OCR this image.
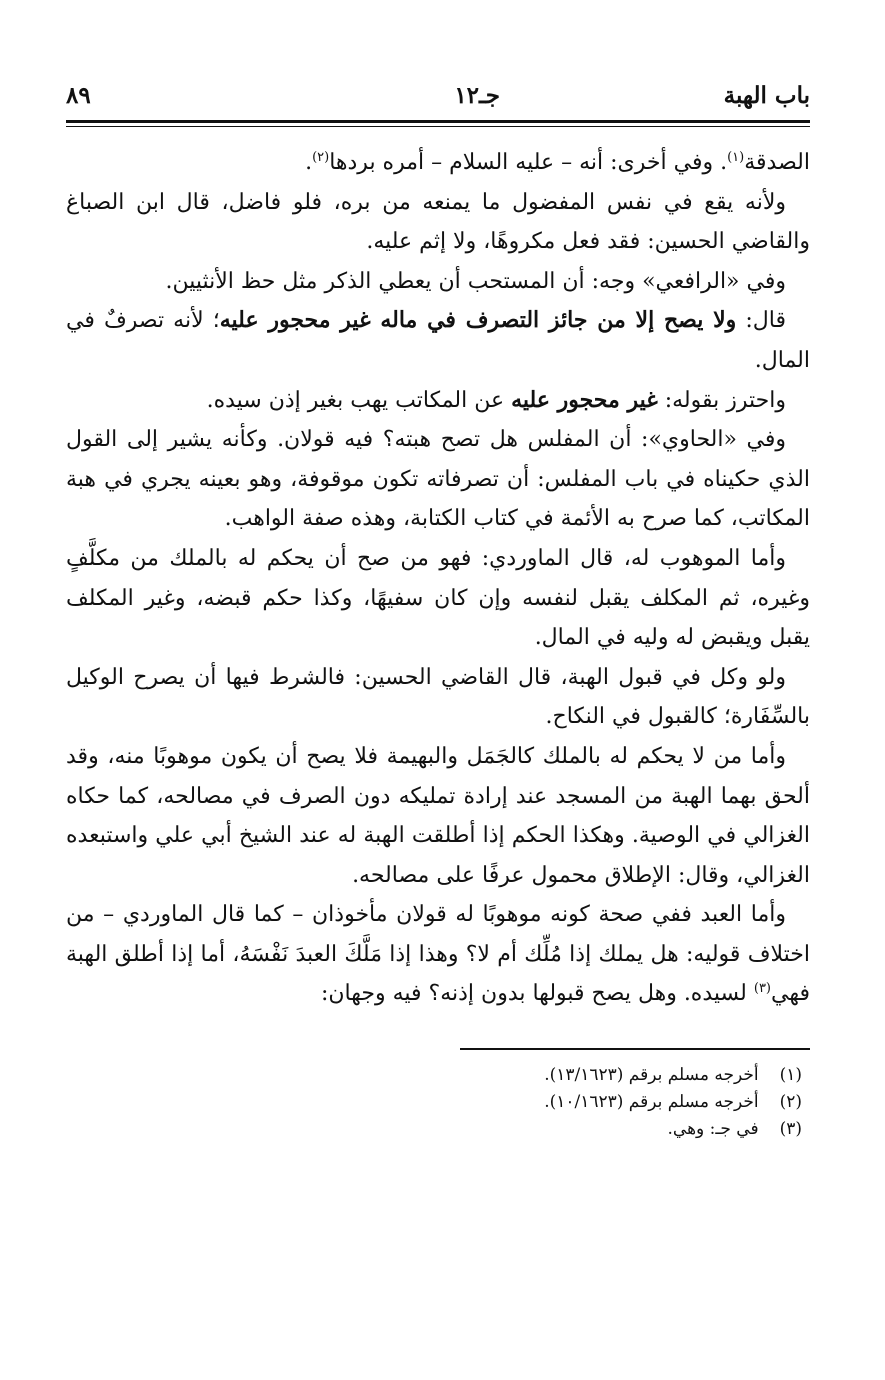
باب الهبة
جـ١٢
٨٩

الصدقة$^{(١)}$. وفي أخرى: أنه – عليه السلام – أمره بردها$^{(٢)}$.

ولأنه يقع في نفس المفضول ما يمنعه من بره، فلو فاضل، قال ابن الصباغ والقاضي الحسين: فقد فعل مكروهًا، ولا إثم عليه.

وفي «الرافعي» وجه: أن المستحب أن يعطي الذكر مثل حظ الأنثيين.

قال: ولا يصح إلا من جائز التصرف في ماله غير محجور عليه؛ لأنه تصرفٌ في المال.

واحترز بقوله: غير محجور عليه عن المكاتب يهب بغير إذن سيده.

وفي «الحاوي»: أن المفلس هل تصح هبته؟ فيه قولان. وكأنه يشير إلى القول الذي حكيناه في باب المفلس: أن تصرفاته تكون موقوفة، وهو بعينه يجري في هبة المكاتب، كما صرح به الأئمة في كتاب الكتابة، وهذه صفة الواهب.

وأما الموهوب له، قال الماوردي: فهو من صح أن يحكم له بالملك من مكلَّفٍ وغيره، ثم المكلف يقبل لنفسه وإن كان سفيهًا، وكذا حكم قبضه، وغير المكلف يقبل ويقبض له وليه في المال.

ولو وكل في قبول الهبة، قال القاضي الحسين: فالشرط فيها أن يصرح الوكيل بالسِّفَارة؛ كالقبول في النكاح.

وأما من لا يحكم له بالملك كالجَمَل والبهيمة فلا يصح أن يكون موهوبًا منه، وقد ألحق بهما الهبة من المسجد عند إرادة تمليكه دون الصرف في مصالحه، كما حكاه الغزالي في الوصية. وهكذا الحكم إذا أطلقت الهبة له عند الشيخ أبي علي واستبعده الغزالي، وقال: الإطلاق محمول عرفًا على مصالحه.

وأما العبد ففي صحة كونه موهوبًا له قولان مأخوذان – كما قال الماوردي – من اختلاف قوليه: هل يملك إذا مُلِّك أم لا؟ وهذا إذا مَلَّكَ العبدَ نَفْسَهُ، أما إذا أطلق الهبة فهي$^{(٣)}$ لسيده. وهل يصح قبولها بدون إذنه؟ فيه وجهان:

(١) أخرجه مسلم برقم (١٣/١٦٢٣).
(٢) أخرجه مسلم برقم (١٠/١٦٢٣).
(٣) في جـ: وهي.
